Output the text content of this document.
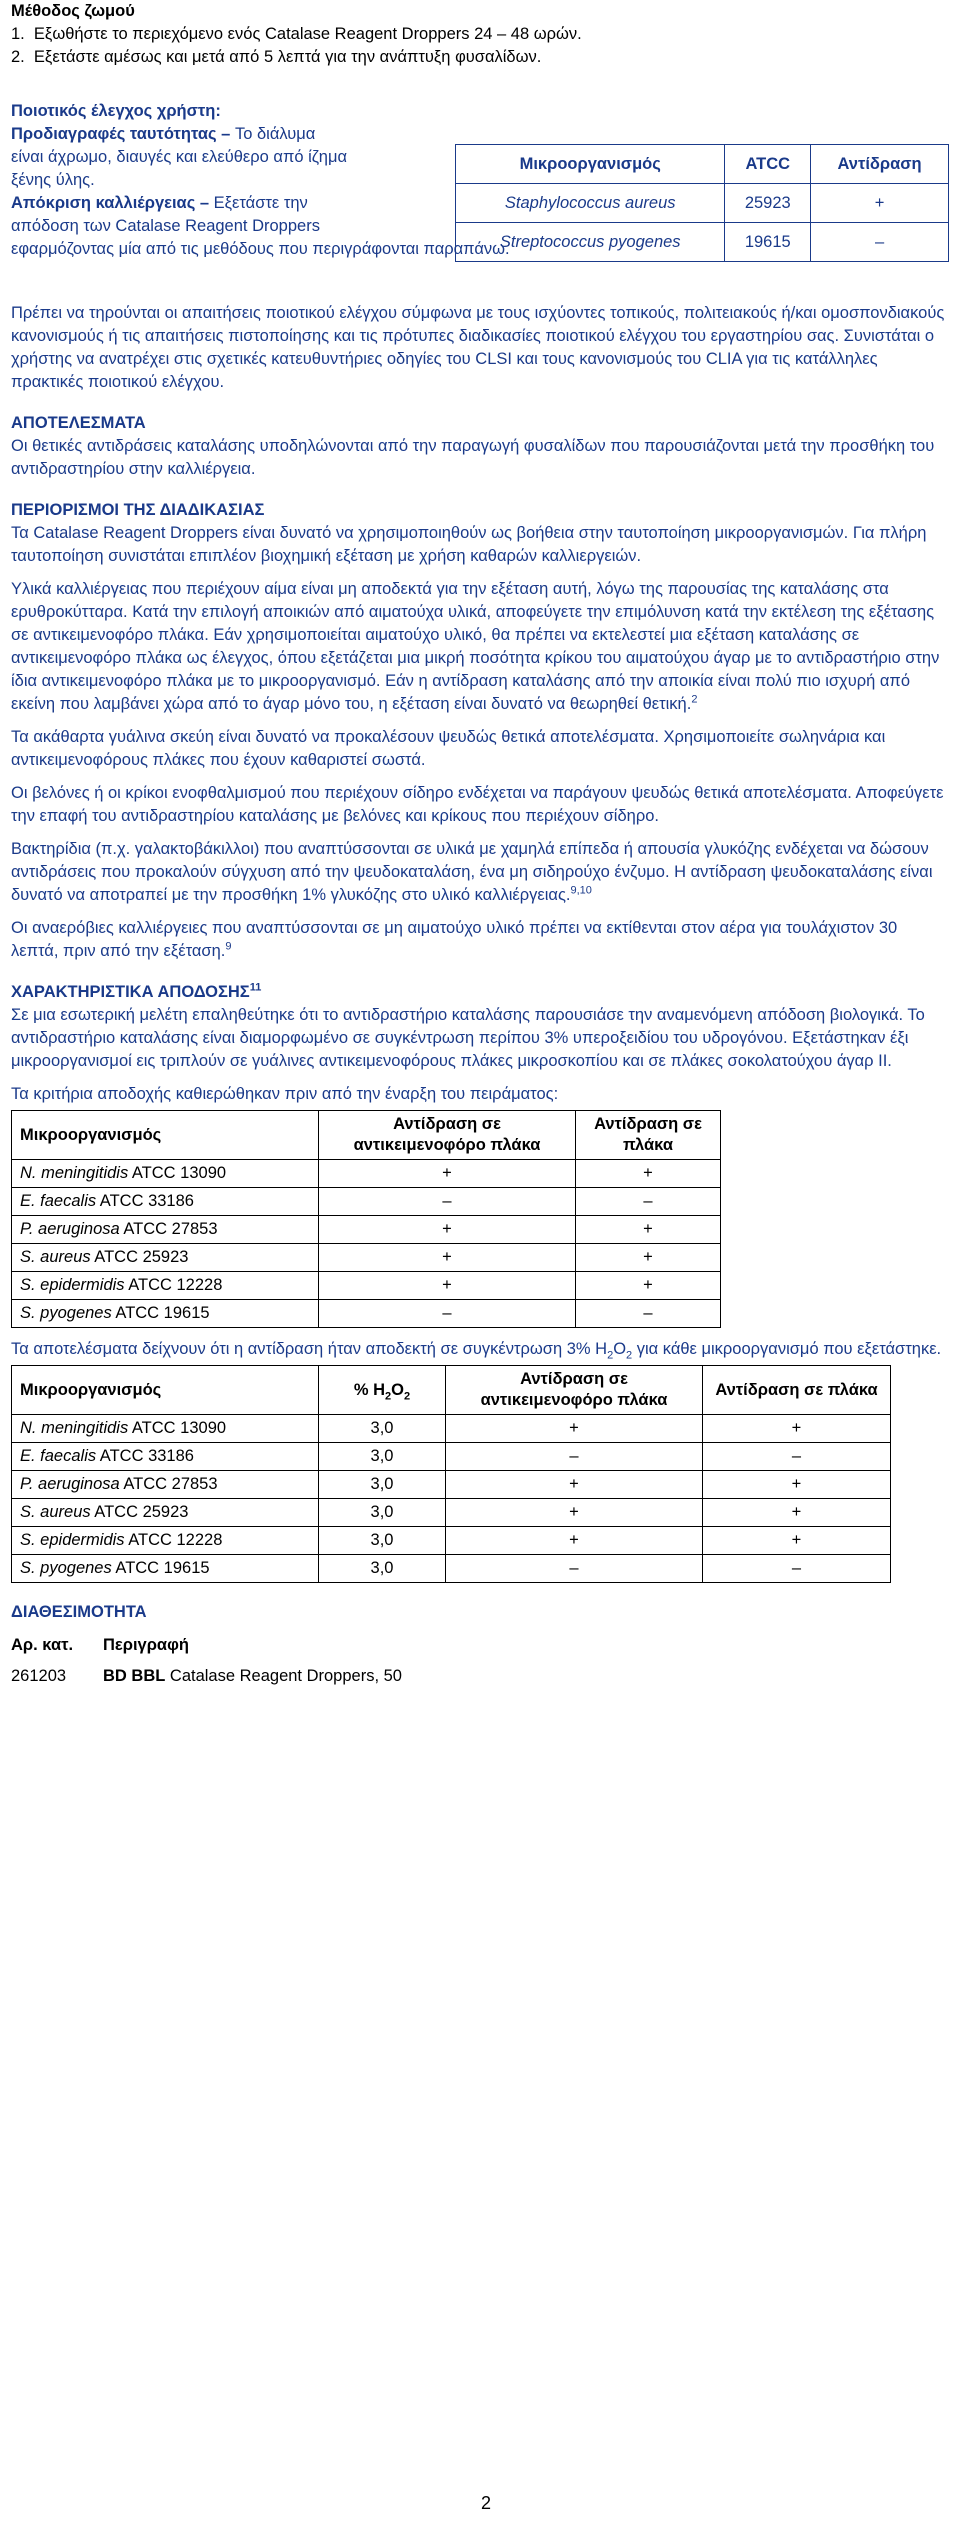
Μέθοδος ζωμού

1.  Εξωθήστε το περιεχόμενο ενός Catalase Reagent Droppers 24 – 48 ωρών.

2.  Εξετάστε αμέσως και μετά από 5 λεπτά για την ανάπτυξη φυσαλίδων.

Ποιοτικός έλεγχος χρήστη:

Προδιαγραφές ταυτότητας – Το διάλυμα

είναι άχρωμο, διαυγές και ελεύθερο από ίζημα

ξένης ύλης.

Απόκριση καλλιέργειας – Εξετάστε την

απόδοση των Catalase Reagent Droppers

εφαρμόζοντας μία από τις μεθόδους που περιγράφονται παραπάνω.

Μικροοργανισμός	ATCC	Αντίδραση
Staphylococcus aureus	25923	+
Streptococcus pyogenes	19615	–

Πρέπει να τηρούνται οι απαιτήσεις ποιοτικού ελέγχου σύμφωνα με τους ισχύοντες τοπικούς, πολιτειακούς ή/και ομοσπονδιακούς κανονισμούς ή τις απαιτήσεις πιστοποίησης και τις πρότυπες διαδικασίες ποιοτικού ελέγχου του εργαστηρίου σας. Συνιστάται ο χρήστης να ανατρέχει στις σχετικές κατευθυντήριες οδηγίες του CLSI και τους κανονισμούς του CLIA για τις κατάλληλες πρακτικές ποιοτικού ελέγχου.

ΑΠΟΤΕΛΕΣΜΑΤΑ

Οι θετικές αντιδράσεις καταλάσης υποδηλώνονται από την παραγωγή φυσαλίδων που παρουσιάζονται μετά την προσθήκη του αντιδραστηρίου στην καλλιέργεια.

ΠΕΡΙΟΡΙΣΜΟΙ ΤΗΣ ΔΙΑΔΙΚΑΣΙΑΣ

Τα Catalase Reagent Droppers είναι δυνατό να χρησιμοποιηθούν ως βοήθεια στην ταυτοποίηση μικροοργανισμών. Για πλήρη ταυτοποίηση συνιστάται επιπλέον βιοχημική εξέταση με χρήση καθαρών καλλιεργειών.

Υλικά καλλιέργειας που περιέχουν αίμα είναι μη αποδεκτά για την εξέταση αυτή, λόγω της παρουσίας της καταλάσης στα ερυθροκύτταρα. Κατά την επιλογή αποικιών από αιματούχα υλικά, αποφεύγετε την επιμόλυνση κατά την εκτέλεση της εξέτασης σε αντικειμενοφόρο πλάκα. Εάν χρησιμοποιείται αιματούχο υλικό, θα πρέπει να εκτελεστεί μια εξέταση καταλάσης σε αντικειμενοφόρο πλάκα ως έλεγχος, όπου εξετάζεται μια μικρή ποσότητα κρίκου του αιματούχου άγαρ με το αντιδραστήριο στην ίδια αντικειμενοφόρο πλάκα με το μικροοργανισμό. Εάν η αντίδραση καταλάσης από την αποικία είναι πολύ πιο ισχυρή από εκείνη που λαμβάνει χώρα από το άγαρ μόνο του, η εξέταση είναι δυνατό να θεωρηθεί θετική.$^2$

Τα ακάθαρτα γυάλινα σκεύη είναι δυνατό να προκαλέσουν ψευδώς θετικά αποτελέσματα. Χρησιμοποιείτε σωληνάρια και αντικειμενοφόρους πλάκες που έχουν καθαριστεί σωστά.

Οι βελόνες ή οι κρίκοι ενοφθαλμισμού που περιέχουν σίδηρο ενδέχεται να παράγουν ψευδώς θετικά αποτελέσματα. Αποφεύγετε την επαφή του αντιδραστηρίου καταλάσης με βελόνες και κρίκους που περιέχουν σίδηρο.

Βακτηρίδια (π.χ. γαλακτοβάκιλλοι) που αναπτύσσονται σε υλικά με χαμηλά επίπεδα ή απουσία γλυκόζης ενδέχεται να δώσουν αντιδράσεις που προκαλούν σύγχυση από την ψευδοκαταλάση, ένα μη σιδηρούχο ένζυμο. Η αντίδραση ψευδοκαταλάσης είναι δυνατό να αποτραπεί με την προσθήκη 1% γλυκόζης στο υλικό καλλιέργειας.$^{9,10}$

Οι αναερόβιες καλλιέργειες που αναπτύσσονται σε μη αιματούχο υλικό πρέπει να εκτίθενται στον αέρα για τουλάχιστον 30 λεπτά, πριν από την εξέταση.$^9$

ΧΑΡΑΚΤΗΡΙΣΤΙΚΑ ΑΠΟΔΟΣΗΣ$^{11}$

Σε μια εσωτερική μελέτη επαληθεύτηκε ότι το αντιδραστήριο καταλάσης παρουσιάσε την αναμενόμενη απόδοση βιολογικά. Το αντιδραστήριο καταλάσης είναι διαμορφωμένο σε συγκέντρωση περίπου 3% υπεροξειδίου του υδρογόνου. Εξετάστηκαν έξι μικροοργανισμοί εις τριπλούν σε γυάλινες αντικειμενοφόρους πλάκες μικροσκοπίου και σε πλάκες σοκολατούχου άγαρ II.

Τα κριτήρια αποδοχής καθιερώθηκαν πριν από την έναρξη του πειράματος:

Μικροοργανισμός	Αντίδραση σε αντικειμενοφόρο πλάκα	Αντίδραση σε πλάκα
N. meningitidis ATCC 13090	+	+
E. faecalis ATCC 33186	–	–
P. aeruginosa ATCC 27853	+	+
S. aureus ATCC 25923	+	+
S. epidermidis ATCC 12228	+	+
S. pyogenes ATCC 19615	–	–

Τα αποτελέσματα δείχνουν ότι η αντίδραση ήταν αποδεκτή σε συγκέντρωση 3% $H_2O_2$ για κάθε μικροοργανισμό που εξετάστηκε.

Μικροοργανισμός	% $H_2O_2$	Αντίδραση σε αντικειμενοφόρο πλάκα	Αντίδραση σε πλάκα
N. meningitidis ATCC 13090	3,0	+	+
E. faecalis ATCC 33186	3,0	–	–
P. aeruginosa ATCC 27853	3,0	+	+
S. aureus ATCC 25923	3,0	+	+
S. epidermidis ATCC 12228	3,0	+	+
S. pyogenes ATCC 19615	3,0	–	–

ΔΙΑΘΕΣΙΜΟΤΗΤΑ

Αρ. κατ.	Περιγραφή
261203	BD BBL Catalase Reagent Droppers, 50
2
